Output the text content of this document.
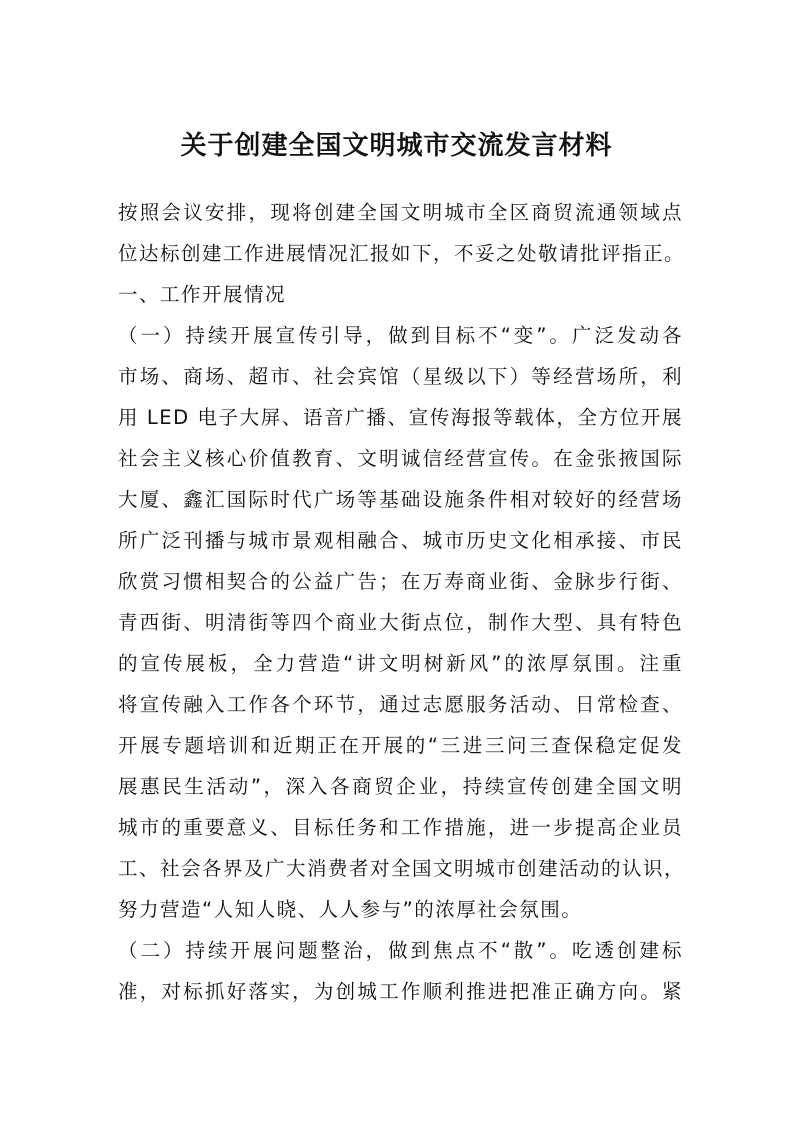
关于创建全国文明城市交流发言材料
按照会议安排，现将创建全国文明城市全区商贸流通领域点
位达标创建工作进展情况汇报如下，不妥之处敬请批评指正。
一、工作开展情况
（一）持续开展宣传引导，做到目标不“变”。广泛发动各
市场、商场、超市、社会宾馆（星级以下）等经营场所，利
用 LED 电子大屏、语音广播、宣传海报等载体，全方位开展
社会主义核心价值教育、文明诚信经营宣传。在金张掖国际
大厦、鑫汇国际时代广场等基础设施条件相对较好的经营场
所广泛刊播与城市景观相融合、城市历史文化相承接、市民
欣赏习惯相契合的公益广告；在万寿商业街、金脉步行街、
青西街、明清街等四个商业大街点位，制作大型、具有特色
的宣传展板，全力营造“讲文明树新风”的浓厚氛围。注重
将宣传融入工作各个环节，通过志愿服务活动、日常检查、
开展专题培训和近期正在开展的“三进三问三查保稳定促发
展惠民生活动”，深入各商贸企业，持续宣传创建全国文明
城市的重要意义、目标任务和工作措施，进一步提高企业员
工、社会各界及广大消费者对全国文明城市创建活动的认识，
努力营造“人知人晓、人人参与”的浓厚社会氛围。
（二）持续开展问题整治，做到焦点不“散”。吃透创建标
准，对标抓好落实，为创城工作顺利推进把准正确方向。紧
